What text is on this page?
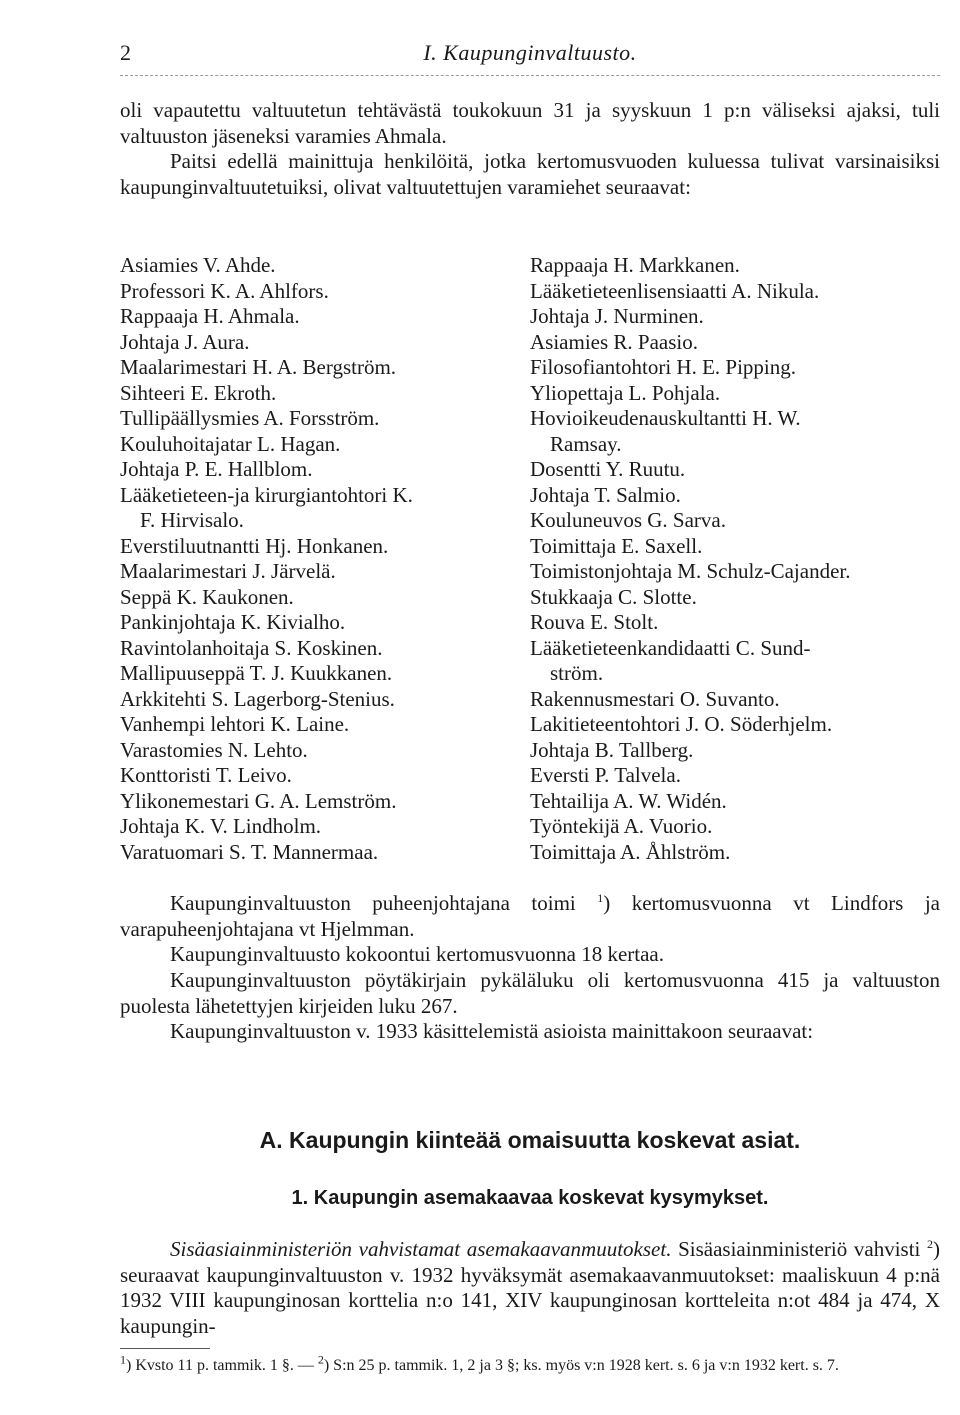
2	I. Kaupunginvaltuusto.

oli vapautettu valtuutetun tehtävästä toukokuun 31 ja syyskuun 1 p:n väliseksi ajaksi, tuli valtuuston jäseneksi varamies Ahmala.

Paitsi edellä mainittuja henkilöitä, jotka kertomusvuoden kuluessa tulivat varsinaisiksi kaupunginvaltuutetuiksi, olivat valtuutettujen varamiehet seuraavat:

Asiamies V. Ahde.
Professori K. A. Ahlfors.
Rappaaja H. Ahmala.
Johtaja J. Aura.
Maalarimestari H. A. Bergström.
Sihteeri E. Ekroth.
Tullipäällysmies A. Forsström.
Kouluhoitajatar L. Hagan.
Johtaja P. E. Hallblom.
Lääketieteen-ja kirurgiantohtori K.
F. Hirvisalo.
Everstiluutnantti Hj. Honkanen.
Maalarimestari J. Järvelä.
Seppä K. Kaukonen.
Pankinjohtaja K. Kivialho.
Ravintolanhoitaja S. Koskinen.
Mallipuuseppä T. J. Kuukkanen.
Arkkitehti S. Lagerborg-Stenius.
Vanhempi lehtori K. Laine.
Varastomies N. Lehto.
Konttoristi T. Leivo.
Ylikonemestari G. A. Lemström.
Johtaja K. V. Lindholm.
Varatuomari S. T. Mannermaa.
Rappaaja H. Markkanen.
Lääketieteenlisensiaatti A. Nikula.
Johtaja J. Nurminen.
Asiamies R. Paasio.
Filosofiantohtori H. E. Pipping.
Yliopettaja L. Pohjala.
Hovioikeudenauskultantti H. W.
Ramsay.
Dosentti Y. Ruutu.
Johtaja T. Salmio.
Kouluneuvos G. Sarva.
Toimittaja E. Saxell.
Toimistonjohtaja M. Schulz-Cajander.
Stukkaaja C. Slotte.
Rouva E. Stolt.
Lääketieteenkandidaatti C. Sund-
ström.
Rakennusmestari O. Suvanto.
Lakitieteentohtori J. O. Söderhjelm.
Johtaja B. Tallberg.
Eversti P. Talvela.
Tehtailija A. W. Widén.
Työntekijä A. Vuorio.
Toimittaja A. Åhlström.

Kaupunginvaltuuston puheenjohtajana toimi $^1$) kertomusvuonna vt Lindfors ja varapuheenjohtajana vt Hjelmman.

Kaupunginvaltuusto kokoontui kertomusvuonna 18 kertaa.

Kaupunginvaltuuston pöytäkirjain pykäläluku oli kertomusvuonna 415 ja valtuuston puolesta lähetettyjen kirjeiden luku 267.

Kaupunginvaltuuston v. 1933 käsittelemistä asioista mainittakoon seuraavat:

A. Kaupungin kiinteää omaisuutta koskevat asiat.
1. Kaupungin asemakaavaa koskevat kysymykset.

Sisäasiainministeriön vahvistamat asemakaavanmuutokset. Sisäasiainministeriö vahvisti $^2$) seuraavat kaupunginvaltuuston v. 1932 hyväksymät asemakaavanmuutokset: maaliskuun 4 p:nä 1932 VIII kaupunginosan korttelia n:o 141, XIV kaupunginosan kortteleita n:ot 484 ja 474, X kaupungin-

$^1$) Kvsto 11 p. tammik. 1 §. — $^2$) S:n 25 p. tammik. 1, 2 ja 3 §; ks. myös v:n 1928 kert. s. 6 ja v:n 1932 kert. s. 7.
